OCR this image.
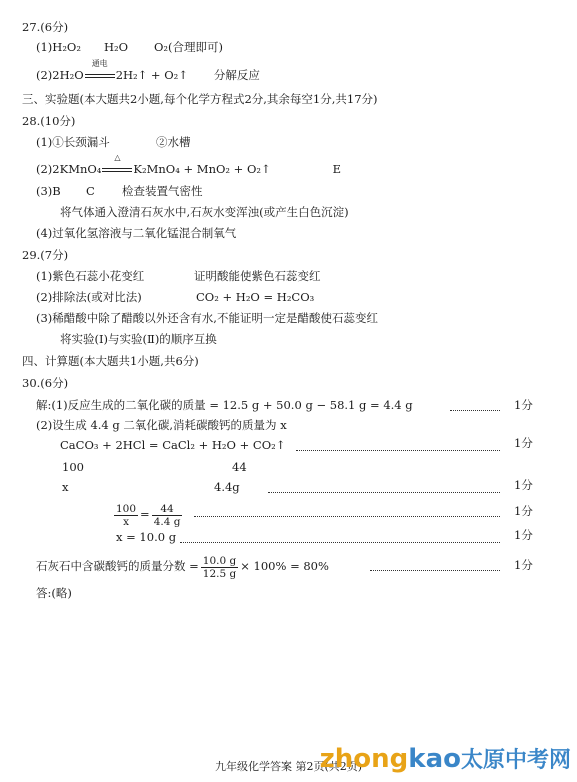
27.(6分)
(1)H₂O₂ H₂O O₂(合理即可)
(2)2H₂O
通电
2H₂↑ + O₂↑ 分解反应
三、实验题(本大题共2小题,每个化学方程式2分,其余每空1分,共17分)
28.(10分)
(1)①长颈漏斗	②水槽
(2)2KMnO₄
△
K₂MnO₄ + MnO₂ + O₂↑	E
(3)B C 检查装置气密性
将气体通入澄清石灰水中,石灰水变浑浊(或产生白色沉淀)
(4)过氧化氢溶液与二氧化锰混合制氧气
29.(7分)
(1)紫色石蕊小花变红	证明酸能使紫色石蕊变红
(2)排除法(或对比法)	CO₂ + H₂O = H₂CO₃
(3)稀醋酸中除了醋酸以外还含有水,不能证明一定是醋酸使石蕊变红
将实验(Ⅰ)与实验(Ⅱ)的顺序互换
四、计算题(本大题共1小题,共6分)
30.(6分)
解:(1)反应生成的二氧化碳的质量 = 12.5 g + 50.0 g − 58.1 g = 4.4 g	1分
(2)设生成 4.4 g 二氧化碳,消耗碳酸钙的质量为 x
CaCO₃ + 2HCl = CaCl₂ + H₂O + CO₂↑	1分
100	44
x	4.4g	1分
$\frac{100}{x} = \frac{44}{4.4 g}$	1分
x = 10.0 g	1分
石灰石中含碳酸钙的质量分数 = $\frac{10.0 g}{12.5 g} \times 100\% = 80\%$	1分
答:(略)
九年级化学答案 第2页(共2页)
zhongkao太原中考网
